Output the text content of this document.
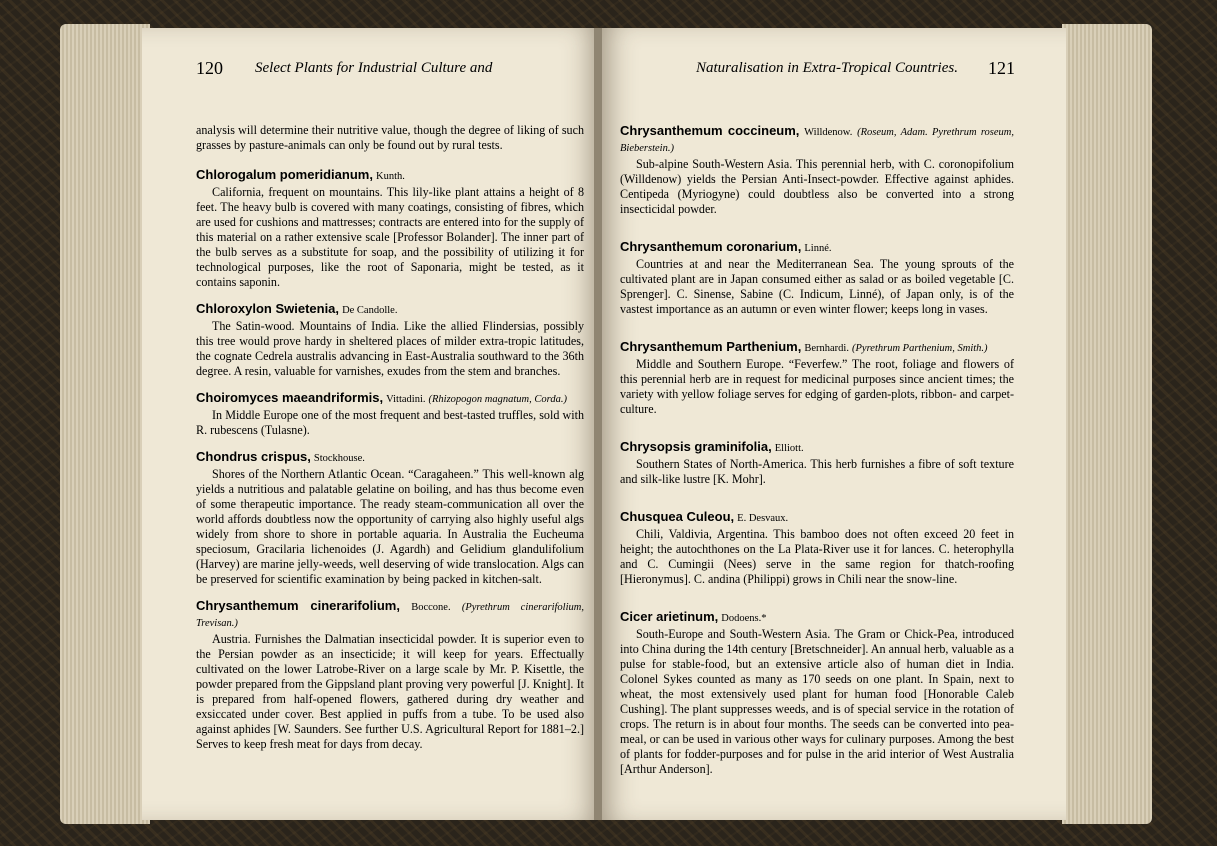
120 Select Plants for Industrial Culture and	Naturalisation in Extra-Tropical Countries. 121

analysis will determine their nutritive value, though the degree of liking of such grasses by pasture-animals can only be found out by rural tests.

Chlorogalum pomeridianum, Kunth.

California, frequent on mountains. This lily-like plant attains a height of 8 feet. The heavy bulb is covered with many coatings, consisting of fibres, which are used for cushions and mattresses; contracts are entered into for the supply of this material on a rather extensive scale [Professor Bolander]. The inner part of the bulb serves as a substitute for soap, and the possibility of utilizing it for technological purposes, like the root of Saponaria, might be tested, as it contains saponin.

Chloroxylon Swietenia, De Candolle.

The Satin-wood. Mountains of India. Like the allied Flindersias, possibly this tree would prove hardy in sheltered places of milder extra-tropic latitudes, the cognate Cedrela australis advancing in East-Australia southward to the 36th degree. A resin, valuable for varnishes, exudes from the stem and branches.

Choiromyces maeandriformis, Vittadini. (Rhizopogon magnatum, Corda.)

In Middle Europe one of the most frequent and best-tasted truffles, sold with R. rubescens (Tulasne).

Chondrus crispus, Stockhouse.

Shores of the Northern Atlantic Ocean. “Caragaheen.” This well-known alg yields a nutritious and palatable gelatine on boiling, and has thus become even of some therapeutic importance. The ready steam-communication all over the world affords doubtless now the opportunity of carrying also highly useful algs widely from shore to shore in portable aquaria. In Australia the Eucheuma speciosum, Gracilaria lichenoides (J. Agardh) and Gelidium glandulifolium (Harvey) are marine jelly-weeds, well deserving of wide translocation. Algs can be preserved for scientific examination by being packed in kitchen-salt.

Chrysanthemum cinerarifolium, Boccone. (Pyrethrum cinerarifolium, Trevisan.)

Austria. Furnishes the Dalmatian insecticidal powder. It is superior even to the Persian powder as an insecticide; it will keep for years. Effectually cultivated on the lower Latrobe-River on a large scale by Mr. P. Kisettle, the powder prepared from the Gippsland plant proving very powerful [J. Knight]. It is prepared from half-opened flowers, gathered during dry weather and exsiccated under cover. Best applied in puffs from a tube. To be used also against aphides [W. Saunders. See further U.S. Agricultural Report for 1881–2.] Serves to keep fresh meat for days from decay.

Chrysanthemum coccineum, Willdenow. (Roseum, Adam. Pyrethrum roseum, Bieberstein.)

Sub-alpine South-Western Asia. This perennial herb, with C. coronopifolium (Willdenow) yields the Persian Anti-Insect-powder. Effective against aphides. Centipeda (Myriogyne) could doubtless also be converted into a strong insecticidal powder.

Chrysanthemum coronarium, Linné.

Countries at and near the Mediterranean Sea. The young sprouts of the cultivated plant are in Japan consumed either as salad or as boiled vegetable [C. Sprenger]. C. Sinense, Sabine (C. Indicum, Linné), of Japan only, is of the vastest importance as an autumn or even winter flower; keeps long in vases.

Chrysanthemum Parthenium, Bernhardi. (Pyrethrum Parthenium, Smith.)

Middle and Southern Europe. “Feverfew.” The root, foliage and flowers of this perennial herb are in request for medicinal purposes since ancient times; the variety with yellow foliage serves for edging of garden-plots, ribbon- and carpet-culture.

Chrysopsis graminifolia, Elliott.

Southern States of North-America. This herb furnishes a fibre of soft texture and silk-like lustre [K. Mohr].

Chusquea Culeou, E. Desvaux.

Chili, Valdivia, Argentina. This bamboo does not often exceed 20 feet in height; the autochthones on the La Plata-River use it for lances. C. heterophylla and C. Cumingii (Nees) serve in the same region for thatch-roofing [Hieronymus]. C. andina (Philippi) grows in Chili near the snow-line.

Cicer arietinum, Dodoens.*

South-Europe and South-Western Asia. The Gram or Chick-Pea, introduced into China during the 14th century [Bretschneider]. An annual herb, valuable as a pulse for stable-food, but an extensive article also of human diet in India. Colonel Sykes counted as many as 170 seeds on one plant. In Spain, next to wheat, the most extensively used plant for human food [Honorable Caleb Cushing]. The plant suppresses weeds, and is of special service in the rotation of crops. The return is in about four months. The seeds can be converted into pea-meal, or can be used in various other ways for culinary purposes. Among the best of plants for fodder-purposes and for pulse in the arid interior of West Australia [Arthur Anderson].
